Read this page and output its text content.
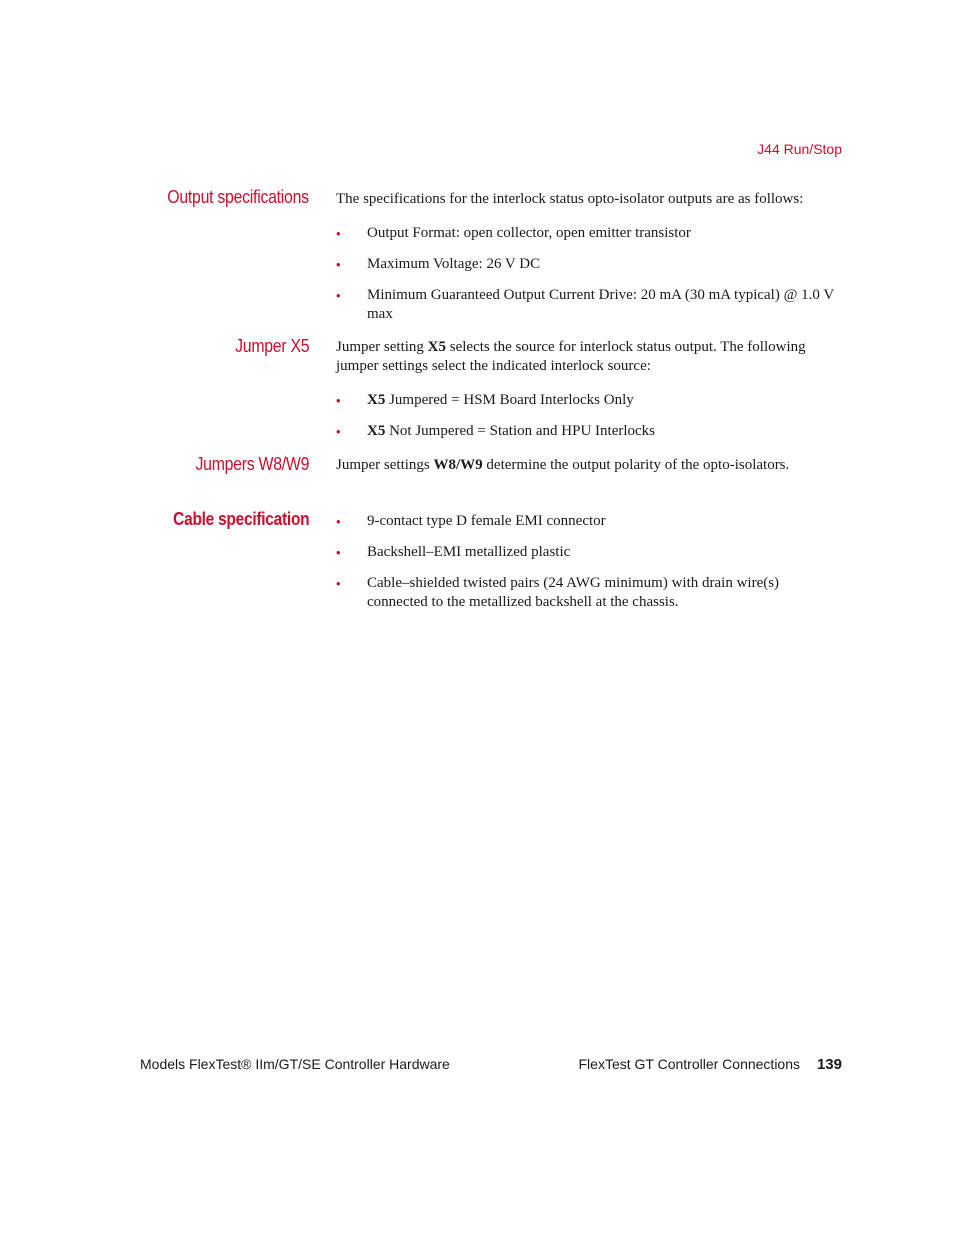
J44 Run/Stop
Output specifications The specifications for the interlock status opto-isolator outputs are as follows:
• Output Format: open collector, open emitter transistor
• Maximum Voltage: 26 V DC
• Minimum Guaranteed Output Current Drive: 20 mA (30 mA typical) @ 1.0 V max
Jumper X5 Jumper setting X5 selects the source for interlock status output. The following jumper settings select the indicated interlock source:
• X5 Jumpered = HSM Board Interlocks Only
• X5 Not Jumpered = Station and HPU Interlocks
Jumpers W8/W9 Jumper settings W8/W9 determine the output polarity of the opto-isolators.
Cable specification • 9-contact type D female EMI connector
• Backshell–EMI metallized plastic
• Cable–shielded twisted pairs (24 AWG minimum) with drain wire(s) connected to the metallized backshell at the chassis.
Models FlexTest® IIm/GT/SE Controller Hardware	FlexTest GT Controller Connections 139
